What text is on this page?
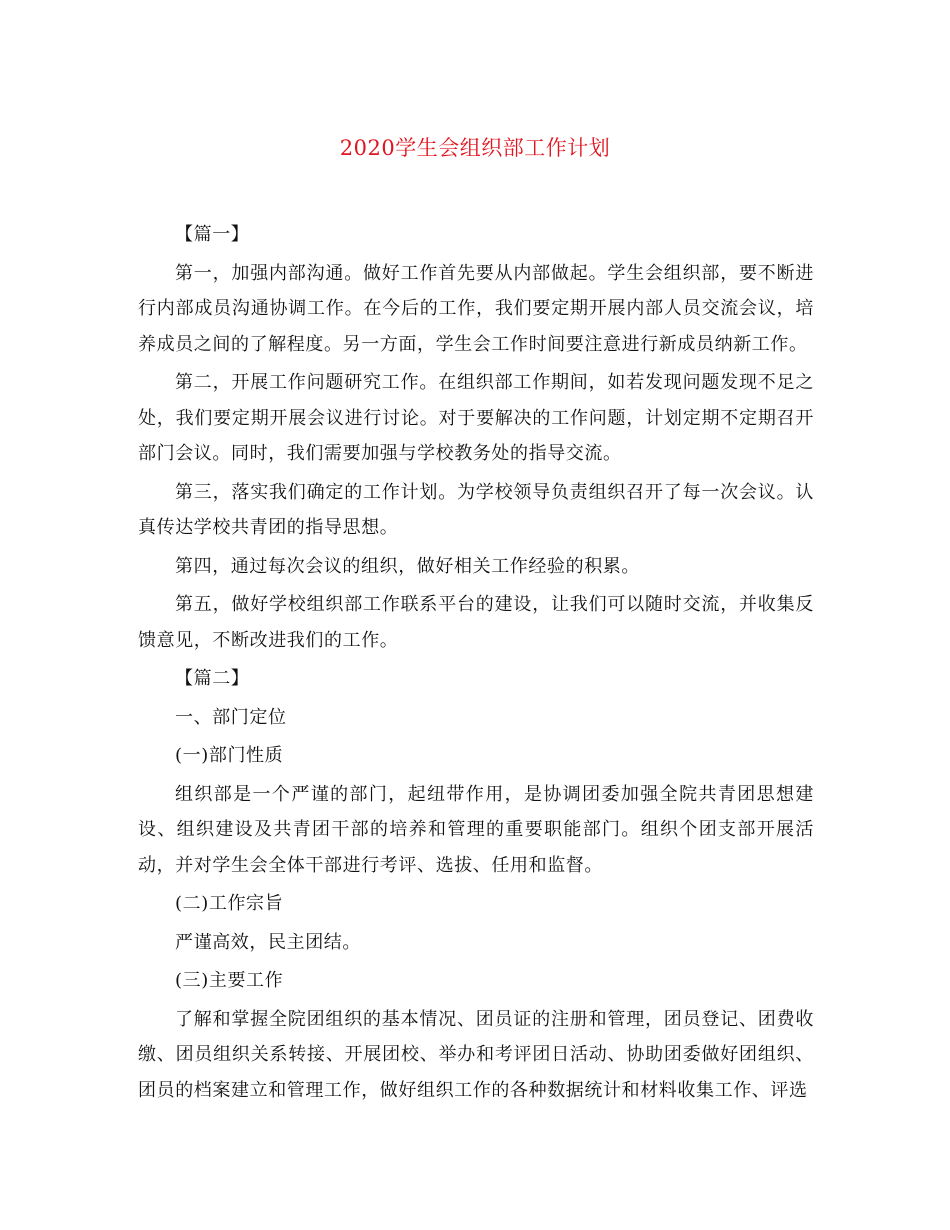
2020学生会组织部工作计划

【篇一】

第一，加强内部沟通。做好工作首先要从内部做起。学生会组织部，要不断进行内部成员沟通协调工作。在今后的工作，我们要定期开展内部人员交流会议，培养成员之间的了解程度。另一方面，学生会工作时间要注意进行新成员纳新工作。

第二，开展工作问题研究工作。在组织部工作期间，如若发现问题发现不足之处，我们要定期开展会议进行讨论。对于要解决的工作问题，计划定期不定期召开部门会议。同时，我们需要加强与学校教务处的指导交流。

第三，落实我们确定的工作计划。为学校领导负责组织召开了每一次会议。认真传达学校共青团的指导思想。

第四，通过每次会议的组织，做好相关工作经验的积累。

第五，做好学校组织部工作联系平台的建设，让我们可以随时交流，并收集反馈意见，不断改进我们的工作。

【篇二】

一、部门定位

(一)部门性质

组织部是一个严谨的部门，起纽带作用，是协调团委加强全院共青团思想建设、组织建设及共青团干部的培养和管理的重要职能部门。组织个团支部开展活动，并对学生会全体干部进行考评、选拔、任用和监督。

(二)工作宗旨

严谨高效，民主团结。

(三)主要工作

了解和掌握全院团组织的基本情况、团员证的注册和管理，团员登记、团费收缴、团员组织关系转接、开展团校、举办和考评团日活动、协助团委做好团组织、团员的档案建立和管理工作，做好组织工作的各种数据统计和材料收集工作、评选
